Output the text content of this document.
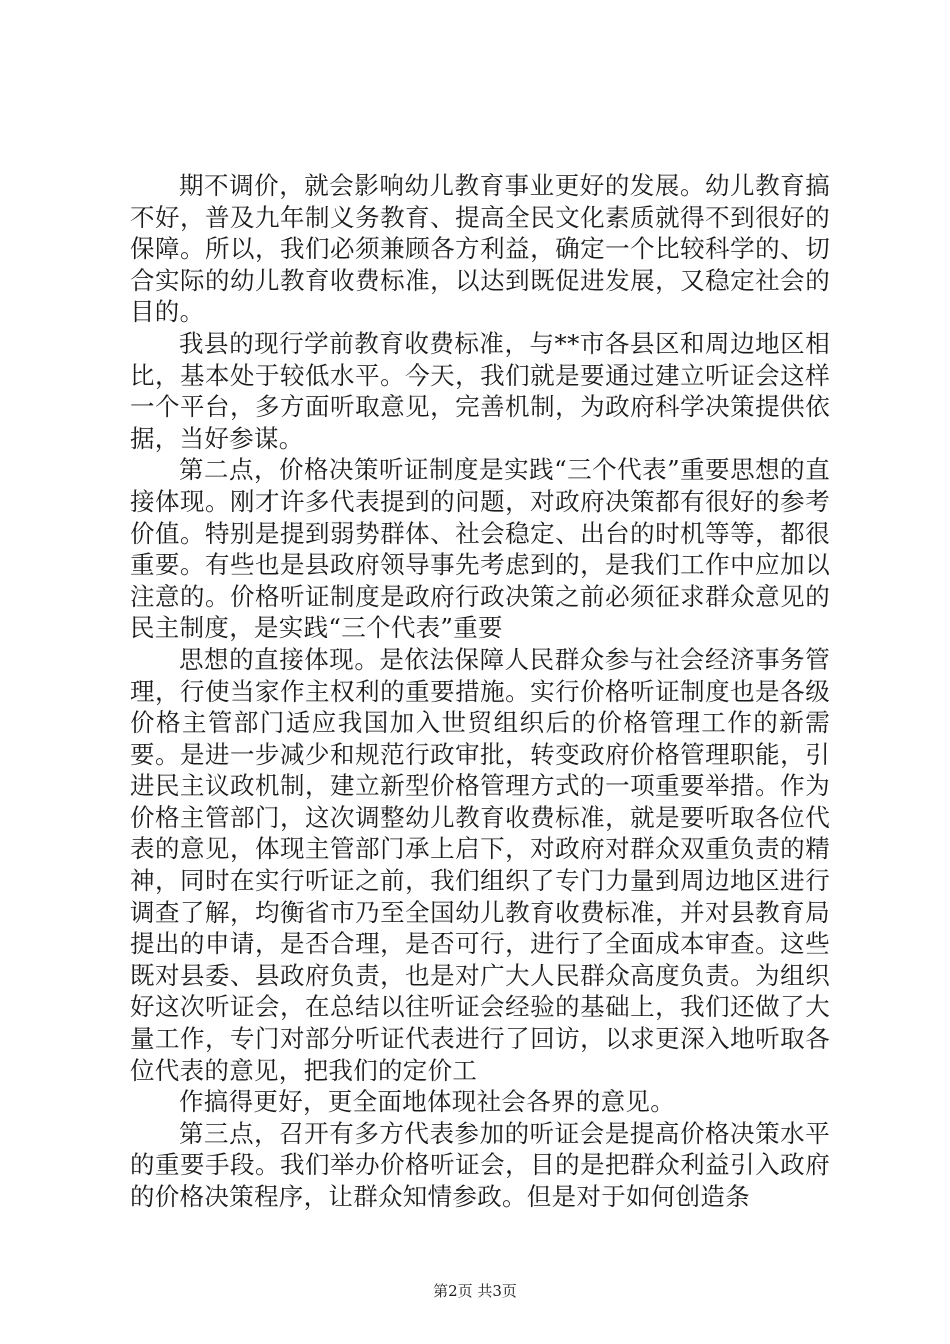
期不调价，就会影响幼儿教育事业更好的发展。幼儿教育搞不好，普及九年制义务教育、提高全民文化素质就得不到很好的保障。所以，我们必须兼顾各方利益，确定一个比较科学的、切合实际的幼儿教育收费标准，以达到既促进发展，又稳定社会的目的。

我县的现行学前教育收费标准，与**市各县区和周边地区相比，基本处于较低水平。今天，我们就是要通过建立听证会这样一个平台，多方面听取意见，完善机制，为政府科学决策提供依据，当好参谋。

第二点，价格决策听证制度是实践“三个代表”重要思想的直接体现。刚才许多代表提到的问题，对政府决策都有很好的参考价值。特别是提到弱势群体、社会稳定、出台的时机等等，都很重要。有些也是县政府领导事先考虑到的，是我们工作中应加以注意的。价格听证制度是政府行政决策之前必须征求群众意见的民主制度，是实践“三个代表”重要

思想的直接体现。是依法保障人民群众参与社会经济事务管理，行使当家作主权利的重要措施。实行价格听证制度也是各级价格主管部门适应我国加入世贸组织后的价格管理工作的新需要。是进一步减少和规范行政审批，转变政府价格管理职能，引进民主议政机制，建立新型价格管理方式的一项重要举措。作为价格主管部门，这次调整幼儿教育收费标准，就是要听取各位代表的意见，体现主管部门承上启下，对政府对群众双重负责的精神，同时在实行听证之前，我们组织了专门力量到周边地区进行调查了解，均衡省市乃至全国幼儿教育收费标准，并对县教育局提出的申请，是否合理，是否可行，进行了全面成本审查。这些既对县委、县政府负责，也是对广大人民群众高度负责。为组织好这次听证会，在总结以往听证会经验的基础上，我们还做了大量工作，专门对部分听证代表进行了回访，以求更深入地听取各位代表的意见，把我们的定价工

作搞得更好，更全面地体现社会各界的意见。

第三点，召开有多方代表参加的听证会是提高价格决策水平的重要手段。我们举办价格听证会，目的是把群众利益引入政府的价格决策程序，让群众知情参政。但是对于如何创造条

第2页 共3页
